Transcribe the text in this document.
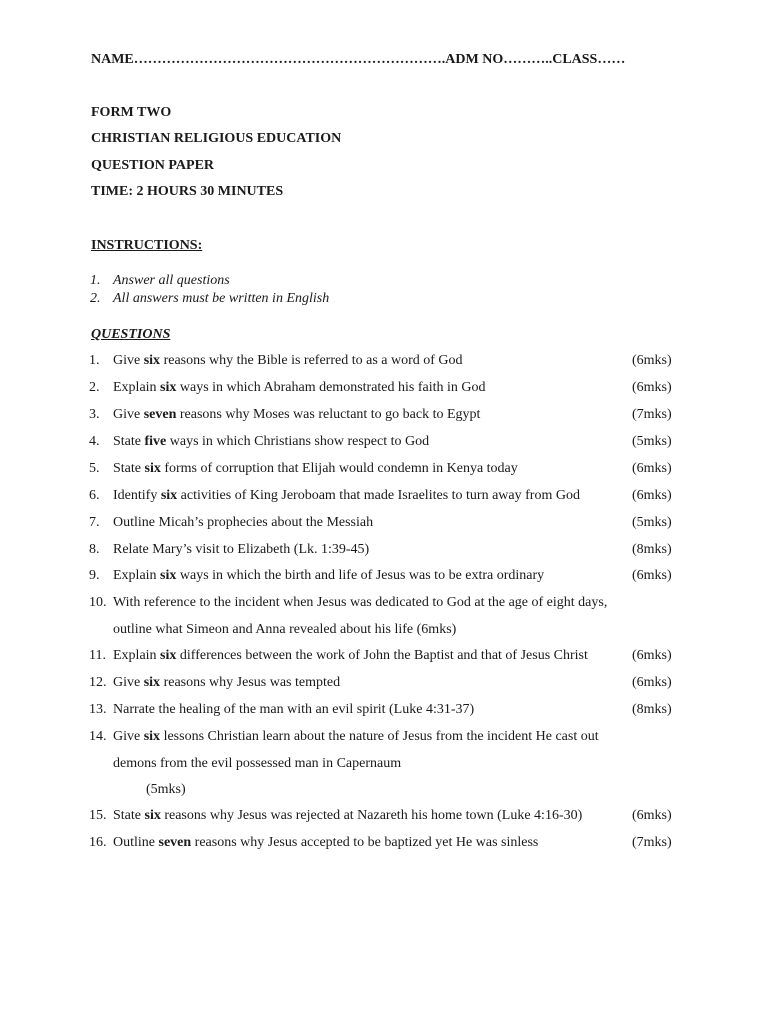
NAME………………………………………………………….ADM NO………..CLASS……
FORM TWO
CHRISTIAN RELIGIOUS EDUCATION
QUESTION PAPER
TIME: 2 HOURS 30 MINUTES
INSTRUCTIONS:
1. Answer all questions
2. All answers must be written in English
QUESTIONS
1. Give six reasons why the Bible is referred to as a word of God	(6mks)
2. Explain six ways in which Abraham demonstrated his faith in God	(6mks)
3. Give seven reasons why Moses was reluctant to go back to Egypt	(7mks)
4. State five ways in which Christians show respect to God	(5mks)
5. State six forms of corruption that Elijah would condemn in Kenya today	(6mks)
6. Identify six activities of King Jeroboam that made Israelites to turn away from God	(6mks)
7. Outline Micah’s prophecies about the Messiah	(5mks)
8. Relate Mary’s visit to Elizabeth (Lk. 1:39-45)	(8mks)
9. Explain six ways in which the birth and life of Jesus was to be extra ordinary	(6mks)
10. With reference to the incident when Jesus was dedicated to God at the age of eight days,
outline what Simeon and Anna revealed about his life (6mks)
11. Explain six differences between the work of John the Baptist and that of Jesus Christ	(6mks)
12. Give six reasons why Jesus was tempted	(6mks)
13. Narrate the healing of the man with an evil spirit (Luke 4:31-37)	(8mks)
14. Give six lessons Christian learn about the nature of Jesus from the incident He cast out
demons from the evil possessed man in Capernaum
(5mks)
15. State six reasons why Jesus was rejected at Nazareth his home town (Luke 4:16-30)	(6mks)
16. Outline seven reasons why Jesus accepted to be baptized yet He was sinless	(7mks)
